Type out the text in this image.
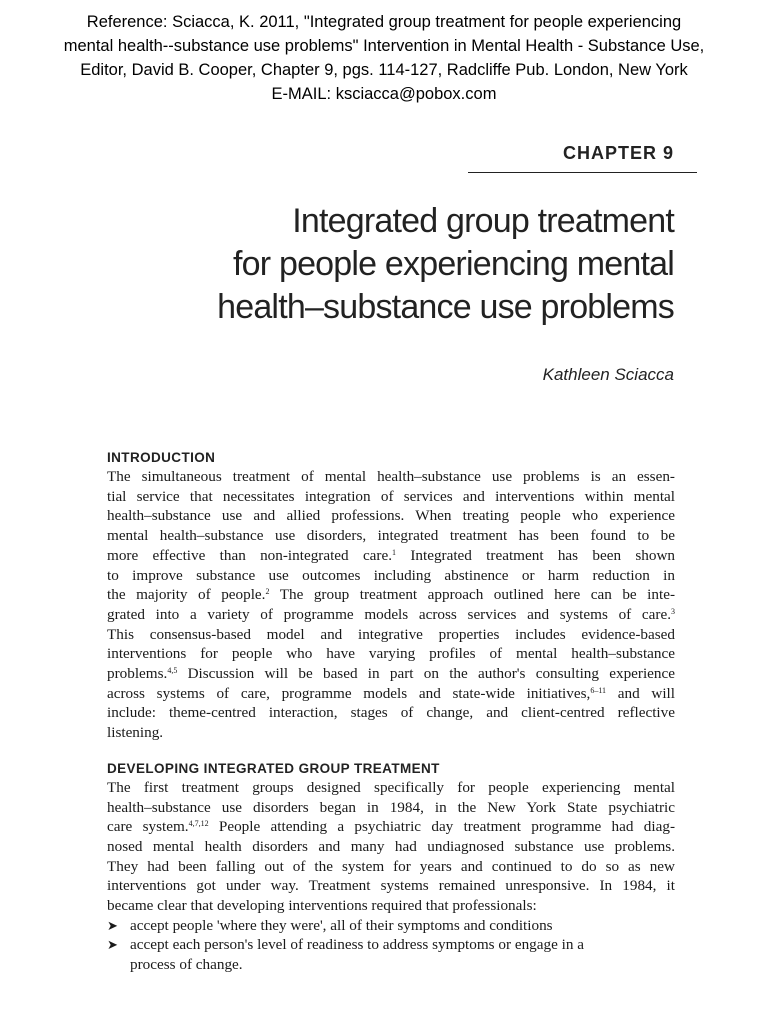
Reference: Sciacca, K. 2011, "Integrated group treatment for people experiencing
mental health--substance use problems" Intervention in Mental Health - Substance Use,
Editor, David B. Cooper, Chapter 9, pgs. 114-127, Radcliffe Pub. London, New York
E-MAIL: ksciacca@pobox.com
CHAPTER 9
Integrated group treatment
for people experiencing mental
health–substance use problems
Kathleen Sciacca
INTRODUCTION

The simultaneous treatment of mental health–substance use problems is an essen-
tial service that necessitates integration of services and interventions within mental
health–substance use and allied professions. When treating people who experience
mental health–substance use disorders, integrated treatment has been found to be
more effective than non-integrated care.$^1$ Integrated treatment has been shown
to improve substance use outcomes including abstinence or harm reduction in
the majority of people.$^2$ The group treatment approach outlined here can be inte-
grated into a variety of programme models across services and systems of care.$^3$
This consensus-based model and integrative properties includes evidence-based
interventions for people who have varying profiles of mental health–substance
problems.$^{4,5}$ Discussion will be based in part on the author's consulting experience
across systems of care, programme models and state-wide initiatives,$^{6-11}$ and will
include: theme-centred interaction, stages of change, and client-centred reflective
listening.

DEVELOPING INTEGRATED GROUP TREATMENT

The first treatment groups designed specifically for people experiencing mental
health–substance use disorders began in 1984, in the New York State psychiatric
care system.$^{4,7,12}$ People attending a psychiatric day treatment programme had diag-
nosed mental health disorders and many had undiagnosed substance use problems.
They had been falling out of the system for years and continued to do so as new
interventions got under way. Treatment systems remained unresponsive. In 1984, it
became clear that developing interventions required that professionals:

➤ accept people 'where they were', all of their symptoms and conditions
➤ accept each person's level of readiness to address symptoms or engage in a
process of change.
